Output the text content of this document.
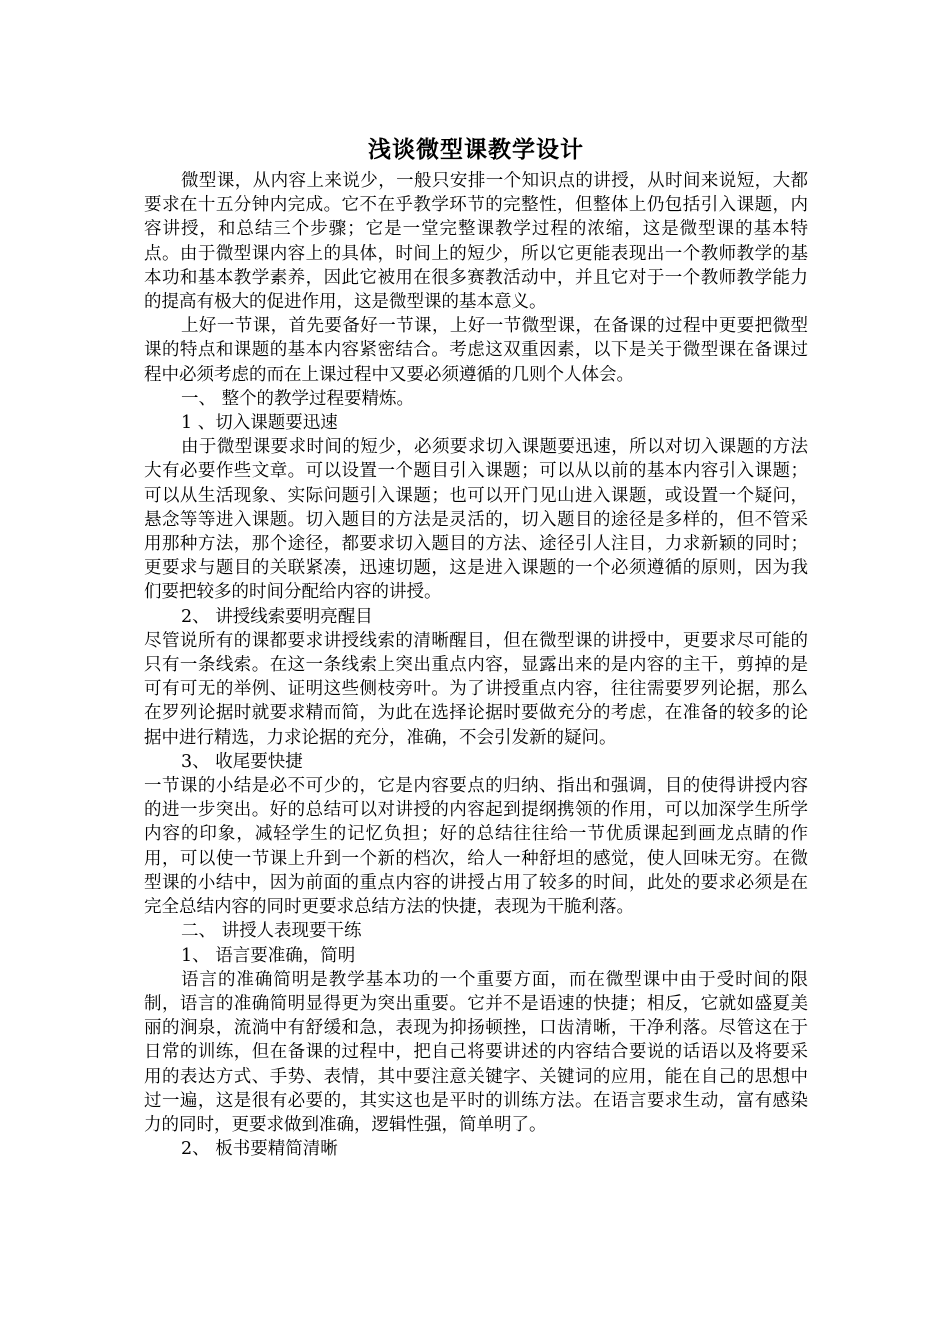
浅谈微型课教学设计

微型课，从内容上来说少，一般只安排一个知识点的讲授，从时间来说短，大都要求在十五分钟内完成。它不在乎教学环节的完整性，但整体上仍包括引入课题，内容讲授，和总结三个步骤；它是一堂完整课教学过程的浓缩，这是微型课的基本特点。由于微型课内容上的具体，时间上的短少，所以它更能表现出一个教师教学的基本功和基本教学素养，因此它被用在很多赛教活动中，并且它对于一个教师教学能力的提高有极大的促进作用，这是微型课的基本意义。

上好一节课，首先要备好一节课，上好一节微型课，在备课的过程中更要把微型课的特点和课题的基本内容紧密结合。考虑这双重因素，以下是关于微型课在备课过程中必须考虑的而在上课过程中又要必须遵循的几则个人体会。

一、 整个的教学过程要精炼。

1 、切入课题要迅速

由于微型课要求时间的短少，必须要求切入课题要迅速，所以对切入课题的方法大有必要作些文章。可以设置一个题目引入课题；可以从以前的基本内容引入课题；可以从生活现象、实际问题引入课题；也可以开门见山进入课题，或设置一个疑问，悬念等等进入课题。切入题目的方法是灵活的，切入题目的途径是多样的，但不管采用那种方法，那个途径，都要求切入题目的方法、途径引人注目，力求新颖的同时；更要求与题目的关联紧凑，迅速切题，这是进入课题的一个必须遵循的原则，因为我们要把较多的时间分配给内容的讲授。

2、 讲授线索要明亮醒目

尽管说所有的课都要求讲授线索的清晰醒目，但在微型课的讲授中，更要求尽可能的只有一条线索。在这一条线索上突出重点内容，显露出来的是内容的主干，剪掉的是可有可无的举例、证明这些侧枝旁叶。为了讲授重点内容，往往需要罗列论据，那么在罗列论据时就要求精而简，为此在选择论据时要做充分的考虑，在准备的较多的论据中进行精选，力求论据的充分，准确，不会引发新的疑问。

3、 收尾要快捷

一节课的小结是必不可少的，它是内容要点的归纳、指出和强调，目的使得讲授内容的进一步突出。好的总结可以对讲授的内容起到提纲携领的作用，可以加深学生所学内容的印象，减轻学生的记忆负担；好的总结往往给一节优质课起到画龙点睛的作用，可以使一节课上升到一个新的档次，给人一种舒坦的感觉，使人回味无穷。在微型课的小结中，因为前面的重点内容的讲授占用了较多的时间，此处的要求必须是在完全总结内容的同时更要求总结方法的快捷，表现为干脆利落。

二、 讲授人表现要干练

1、 语言要准确，简明

语言的准确简明是教学基本功的一个重要方面，而在微型课中由于受时间的限制，语言的准确简明显得更为突出重要。它并不是语速的快捷；相反，它就如盛夏美丽的涧泉，流淌中有舒缓和急，表现为抑扬顿挫，口齿清晰，干净利落。尽管这在于日常的训练，但在备课的过程中，把自己将要讲述的内容结合要说的话语以及将要采用的表达方式、手势、表情，其中要注意关键字、关键词的应用，能在自己的思想中过一遍，这是很有必要的，其实这也是平时的训练方法。在语言要求生动，富有感染力的同时，更要求做到准确，逻辑性强，简单明了。

2、 板书要精简清晰
